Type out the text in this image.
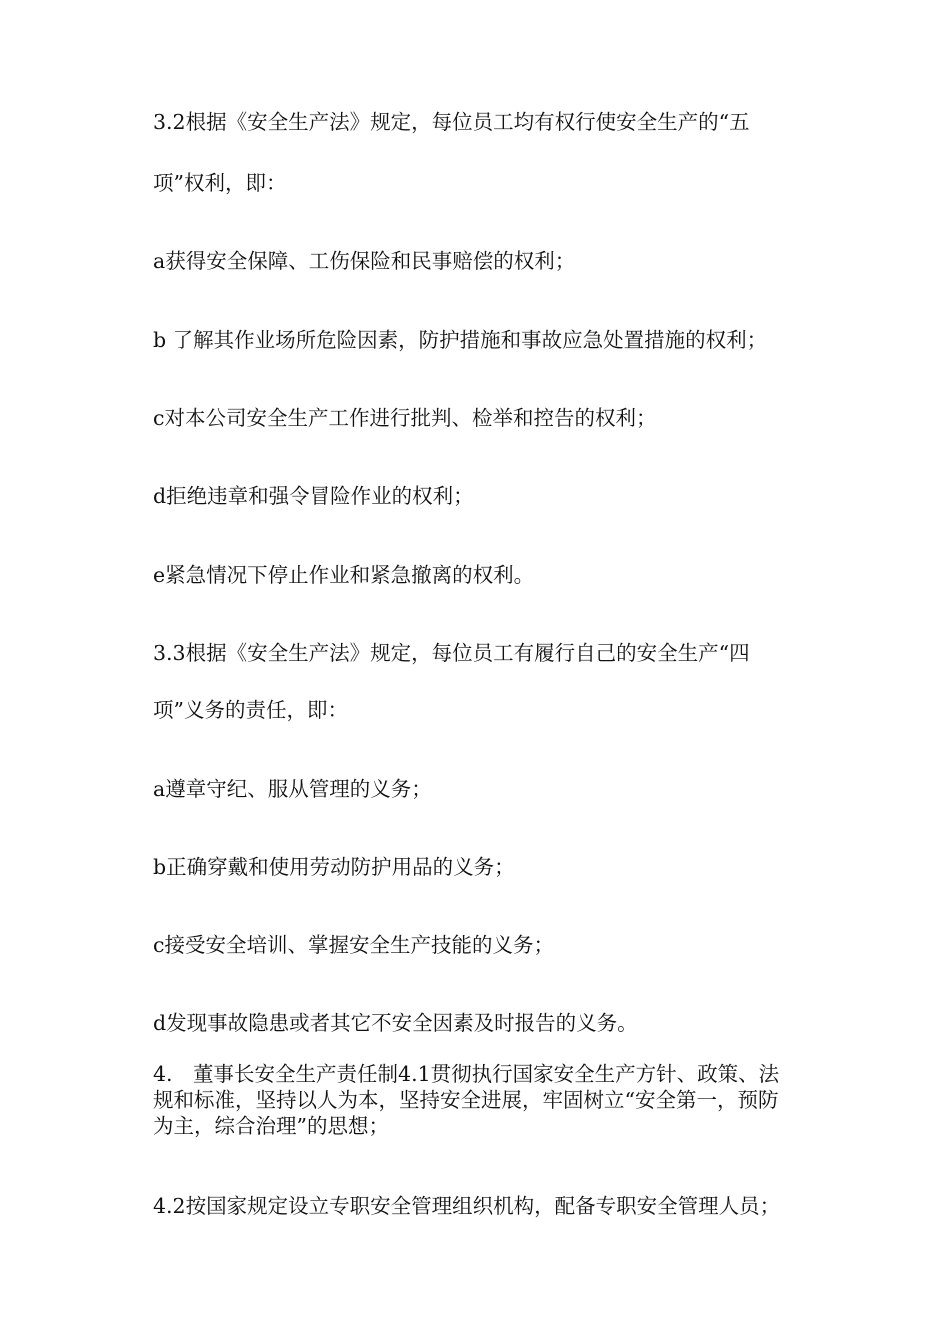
3.2根据《安全生产法》规定，每位员工均有权行使安全生产的“五
项”权利，即：
a获得安全保障、工伤保险和民事赔偿的权利；
b 了解其作业场所危险因素，防护措施和事故应急处置措施的权利；
c对本公司安全生产工作进行批判、检举和控告的权利；
d拒绝违章和强令冒险作业的权利；
e紧急情况下停止作业和紧急撤离的权利。
3.3根据《安全生产法》规定，每位员工有履行自己的安全生产“四
项”义务的责任，即：
a遵章守纪、服从管理的义务；
b正确穿戴和使用劳动防护用品的义务；
c接受安全培训、掌握安全生产技能的义务；
d发现事故隐患或者其它不安全因素及时报告的义务。
4.　董事长安全生产责任制4.1贯彻执行国家安全生产方针、政策、法
规和标准，坚持以人为本，坚持安全进展，牢固树立“安全第一，预防
为主，综合治理”的思想；
4.2按国家规定设立专职安全管理组织机构，配备专职安全管理人员；
